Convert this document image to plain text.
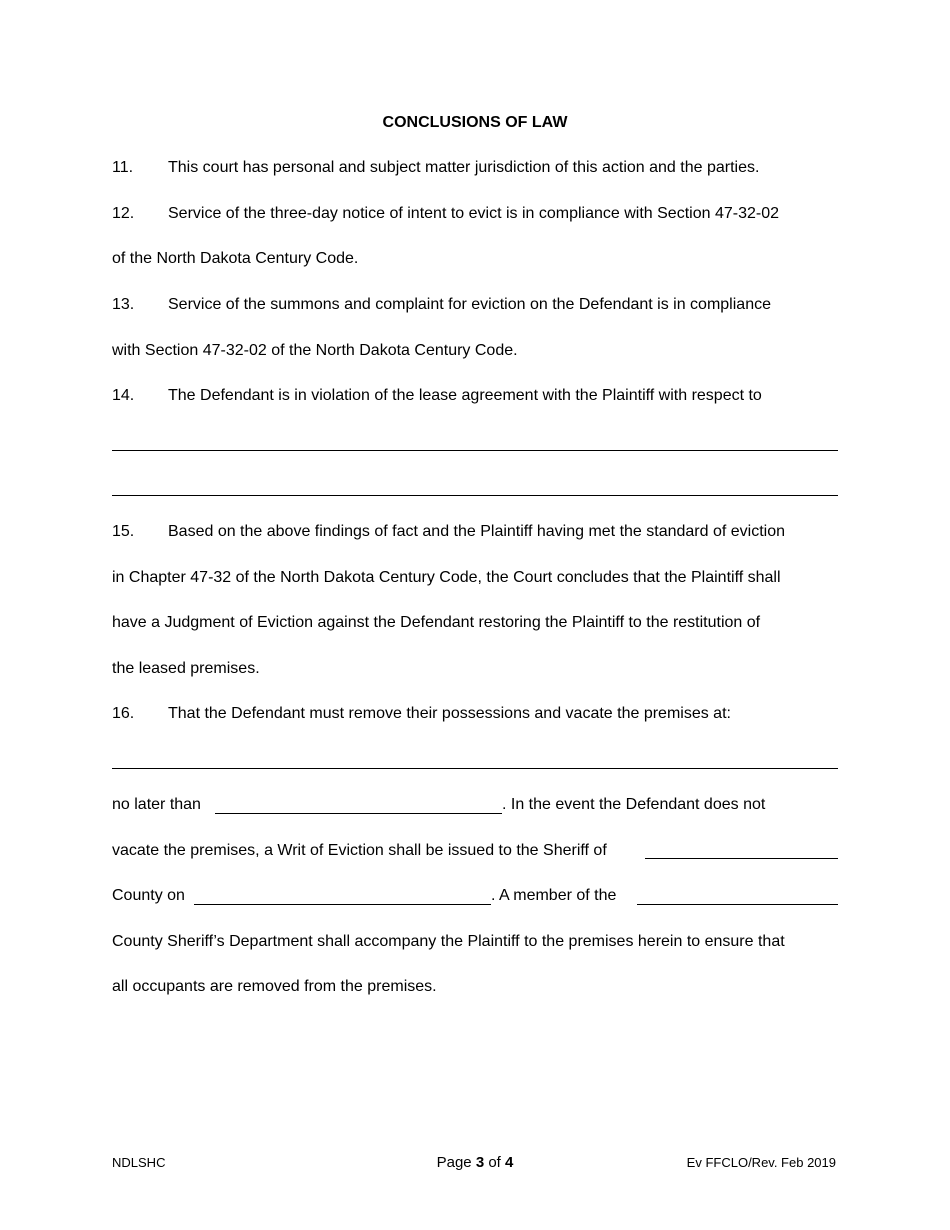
CONCLUSIONS OF LAW
11. This court has personal and subject matter jurisdiction of this action and the parties.
12. Service of the three-day notice of intent to evict is in compliance with Section 47-32-02
of the North Dakota Century Code.
13. Service of the summons and complaint for eviction on the Defendant is in compliance
with Section 47-32-02 of the North Dakota Century Code.
14. The Defendant is in violation of the lease agreement with the Plaintiff with respect to
15. Based on the above findings of fact and the Plaintiff having met the standard of eviction
in Chapter 47-32 of the North Dakota Century Code, the Court concludes that the Plaintiff shall
have a Judgment of Eviction against the Defendant restoring the Plaintiff to the restitution of
the leased premises.
16. That the Defendant must remove their possessions and vacate the premises at:
no later than	. In the event the Defendant does not
vacate the premises, a Writ of Eviction shall be issued to the Sheriff of
County on	. A member of the
County Sheriff’s Department shall accompany the Plaintiff to the premises herein to ensure that
all occupants are removed from the premises.
NDLSHC	Page 3 of 4	Ev FFCLO/Rev. Feb 2019
